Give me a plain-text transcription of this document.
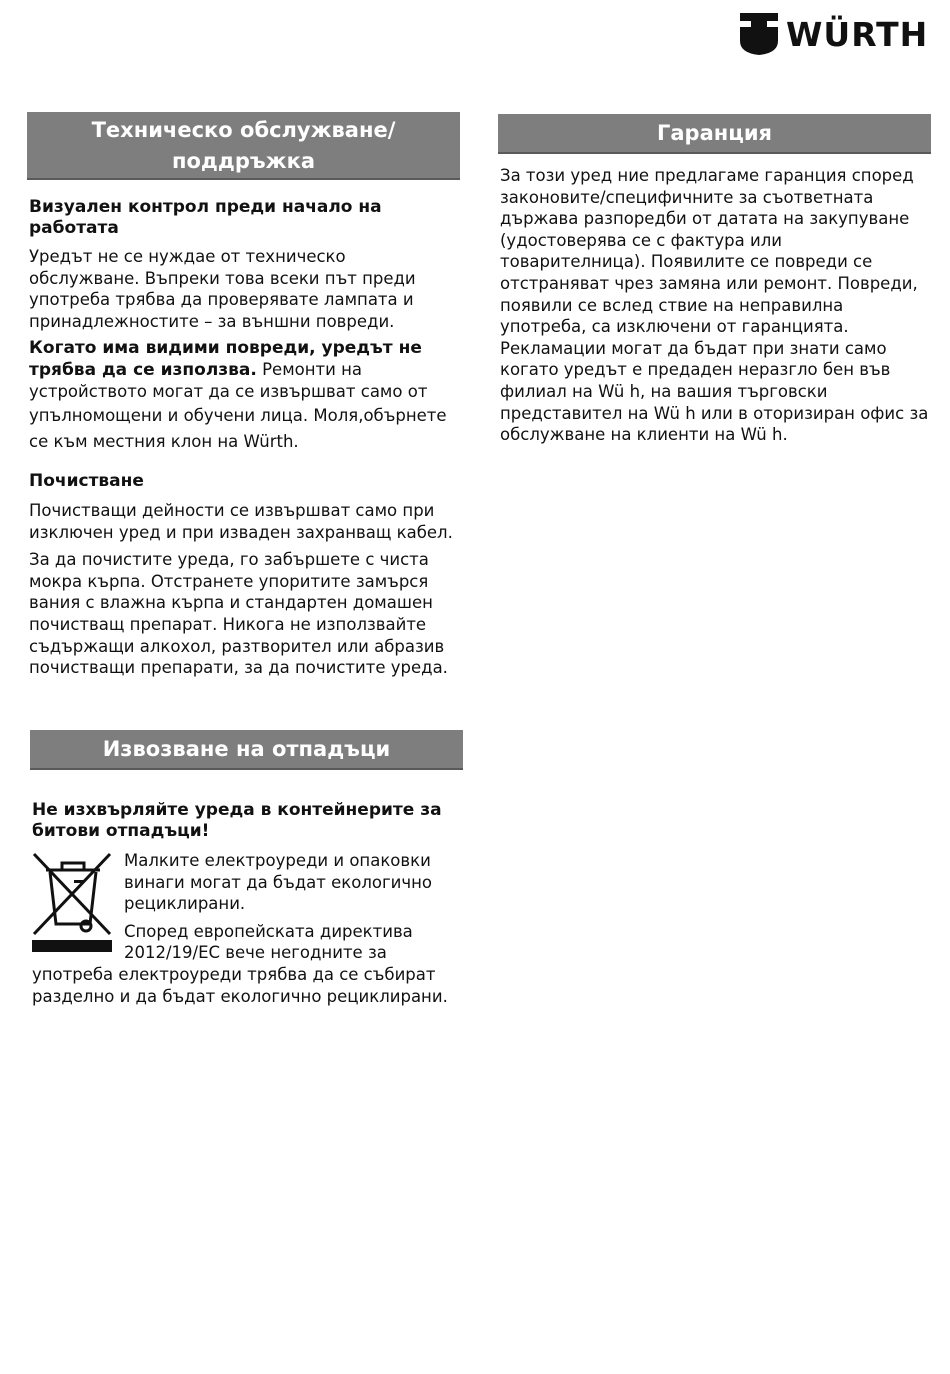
WÜRTH
Техническо обслужване/
поддръжка

Визуален контрол преди начало на работата

Уредът не се нуждае от техническо обслужване. Въпреки това всеки път преди употреба трябва да проверявате лампата и принадлежностите – за външни повреди.

Когато има видими повреди, уредът не трябва да се използва. Ремонти на устройството могат да се извършват само от

упълномощени и обучени лица. Моля,обърнете се към местния клон на Würth.

Почистване

Почистващи дейности се извършват само при изключен уред и при изваден захранващ кабел.

За да почистите уреда, го забършете с чиста мокра кърпа. Отстранете упоритите замърся вания с влажна кърпа и стандартен домашен почистващ препарат. Никога не използвайте съдържащи алкохол, разтворител или абразив почистващи препарати, за да почистите уреда.

Извозване на отпадъци

Не изхвърляйте уреда в контейнерите за битови отпадъци!

Малките електроуреди и опаковки винаги могат да бъдат екологично рециклирани.

Според европейската директива 2012/19/EC вече негодните за

употреба електроуреди трябва да се събират разделно и да бъдат екологично рециклирани.

Гаранция

За този уред ние предлагаме гаранция според законовите/специфичните за съответната държава разпоредби от датата на закупуване (удостоверява се с фактура или товарителница). Появилите се повреди се отстраняват чрез замяна или ремонт. Повреди, появили се вслед ствие на неправилна употреба, са изключени от гаранцията. Рекламации могат да бъдат при знати само когато уредът е предаден неразгло бен във филиал на Wü h, на вашия търговски представител на Wü h или в оторизиран офис за обслужване на клиенти на Wü h.
